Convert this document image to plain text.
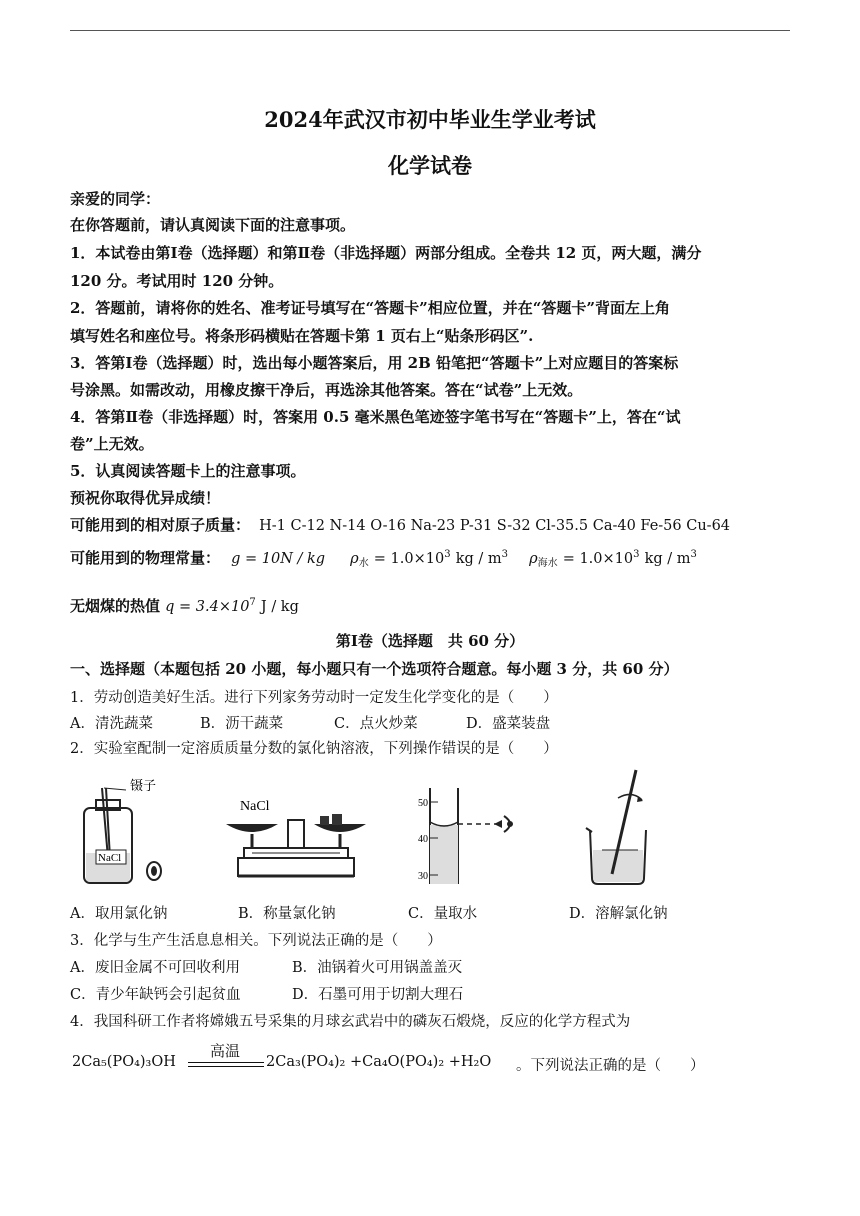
2024年武汉市初中毕业生学业考试
化学试卷
亲爱的同学：
在你答题前，请认真阅读下面的注意事项。
1．本试卷由第Ⅰ卷（选择题）和第Ⅱ卷（非选择题）两部分组成。全卷共 12 页，两大题，满分
120 分。考试用时 120 分钟。
2．答题前，请将你的姓名、准考证号填写在“答题卡”相应位置，并在“答题卡”背面左上角
填写姓名和座位号。将条形码横贴在答题卡第 1 页右上“贴条形码区”.
3．答第Ⅰ卷（选择题）时，选出每小题答案后，用 2B 铅笔把“答题卡”上对应题目的答案标
号涂黑。如需改动，用橡皮擦干净后，再选涂其他答案。答在“试卷”上无效。
4．答第Ⅱ卷（非选择题）时，答案用 0.5 毫米黑色笔迹签字笔书写在“答题卡”上，答在“试
卷”上无效。
5．认真阅读答题卡上的注意事项。
预祝你取得优异成绩！
可能用到的相对原子质量： H-1 C-12 N-14 O-16 Na-23 P-31 S-32 Cl-35.5 Ca-40 Fe-56 Cu-64
可能用到的物理常量： g = 10N / kg $\rho_水 = 1.0\times 10^3$ kg / $m^3$ $\rho_{海水} = 1.0\times 10^3$ kg / $m^3$
无烟煤的热值 $q = 3.4\times 10^7$ J / kg
第Ⅰ卷（选择题　共 60 分）
一、选择题（本题包括 20 小题，每小题只有一个选项符合题意。每小题 3 分，共 60 分）
1．劳动创造美好生活。进行下列家务劳动时一定发生化学变化的是（　　）
A．清洗蔬菜	B．沥干蔬菜	C．点火炒菜	D．盛菜装盘
2．实验室配制一定溶质质量分数的氯化钠溶液，下列操作错误的是（　　）
NaCl
镊子
NaCl	50
40
30
A．取用氯化钠	B．称量氯化钠	C．量取水	D．溶解氯化钠
3．化学与生产生活息息相关。下列说法正确的是（　　）
A．废旧金属不可回收利用	B．油锅着火可用锅盖盖灭
C．青少年缺钙会引起贫血	D．石墨可用于切割大理石
4．我国科研工作者将嫦娥五号采集的月球玄武岩中的磷灰石煅烧，反应的化学方程式为
2Ca₅(PO₄)₃OH
高温
2Ca₃(PO₄)₂ +Ca₄O(PO₄)₂ +H₂O 。下列说法正确的是（　　）
